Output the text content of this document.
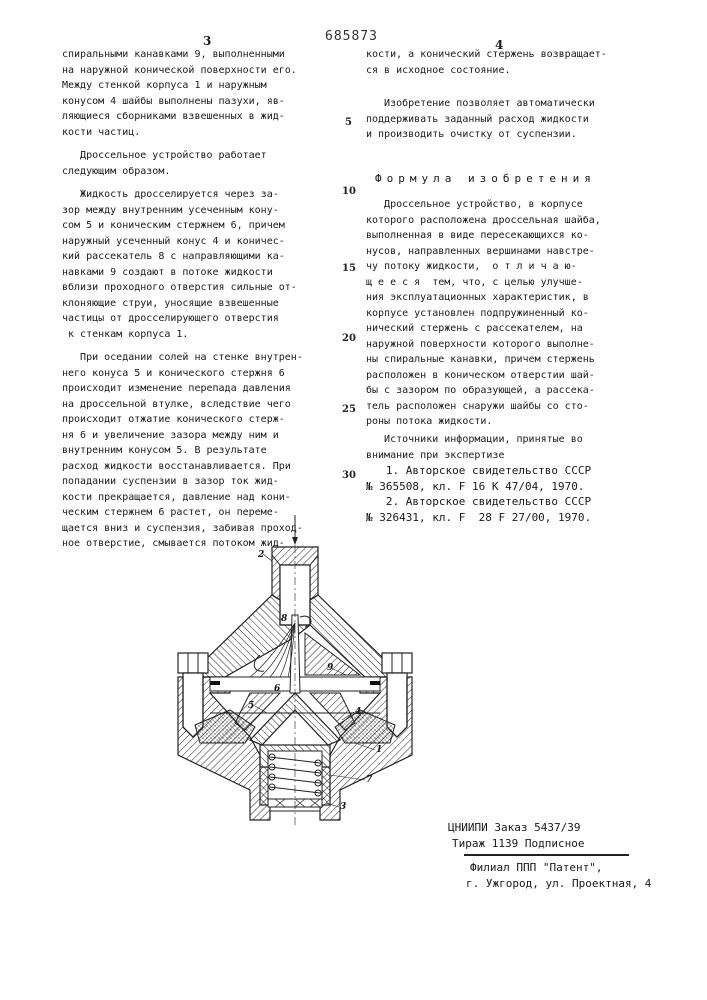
3	685873
4
спиральными канавками 9, выполненными
на наружной конической поверхности его.
Между стенкой корпуса 1 и наружным
конусом 4 шайбы выполнены пазухи, яв-
ляющиеся сборниками взвешенных в жид-
кости частиц.
Дроссельное устройство работает
следующим образом.
Жидкость дросселируется через за-
зор между внутренним усеченным кону-
сом 5 и коническим стержнем 6, причем
наружный усеченный конус 4 и коничес-
кий рассекатель 8 с направляющими ка-
навками 9 создают в потоке жидкости
вблизи проходного отверстия сильные от-
клоняющие струи, уносящие взвешенные
частицы от дросселирующего отверстия
к стенкам корпуса 1.
При оседании солей на стенке внутрен-
него конуса 5 и конического стержня 6
происходит изменение перепада давления
на дроссельной втулке, вследствие чего
происходит отжатие конического стерж-
ня 6 и увеличение зазора между ним и
внутренним конусом 5. В результате
расход жидкости восстанавливается. При
попадании суспензии в зазор ток жид-
кости прекращается, давление над кони-
ческим стержнем 6 растет, он переме-
щается вниз и суспензия, забивая проход-
ное отверстие, смывается потоком жид-
5
10
15
20
25
30
кости, а конический стержень возвращает-
ся в исходное состояние.
Изобретение позволяет автоматически
поддерживать заданный расход жидкости
и производить очистку от суспензии.
Формула изобретения
Дроссельное устройство, в корпусе
которого расположена дроссельная шайба,
выполненная в виде пересекающихся ко-
нусов, направленных вершинами навстре-
чу потоку жидкости,  о т л и ч а ю-
щ е е с я  тем, что, с целью улучше-
ния эксплуатационных характеристик, в
корпусе установлен подпружиненный ко-
нический стержень с рассекателем, на
наружной поверхности которого выполне-
ны спиральные канавки, причем стержень
расположен в коническом отверстии шай-
бы с зазором по образующей, а рассека-
тель расположен снаружи шайбы со сто-
роны потока жидкости.
Источники информации, принятые во
внимание при экспертизе
1. Авторское свидетельство СССР
№ 365508, кл. F 16 K 47/04, 1970.
2. Авторское свидетельство СССР
№ 326431, кл. F  28 F 27/00, 1970.
2
8
9
6
5
4
1
7
3
ЦНИИПИ Заказ 5437/39
Тираж 1139 Подписное
Филиал ППП "Патент",
г. Ужгород, ул. Проектная, 4
